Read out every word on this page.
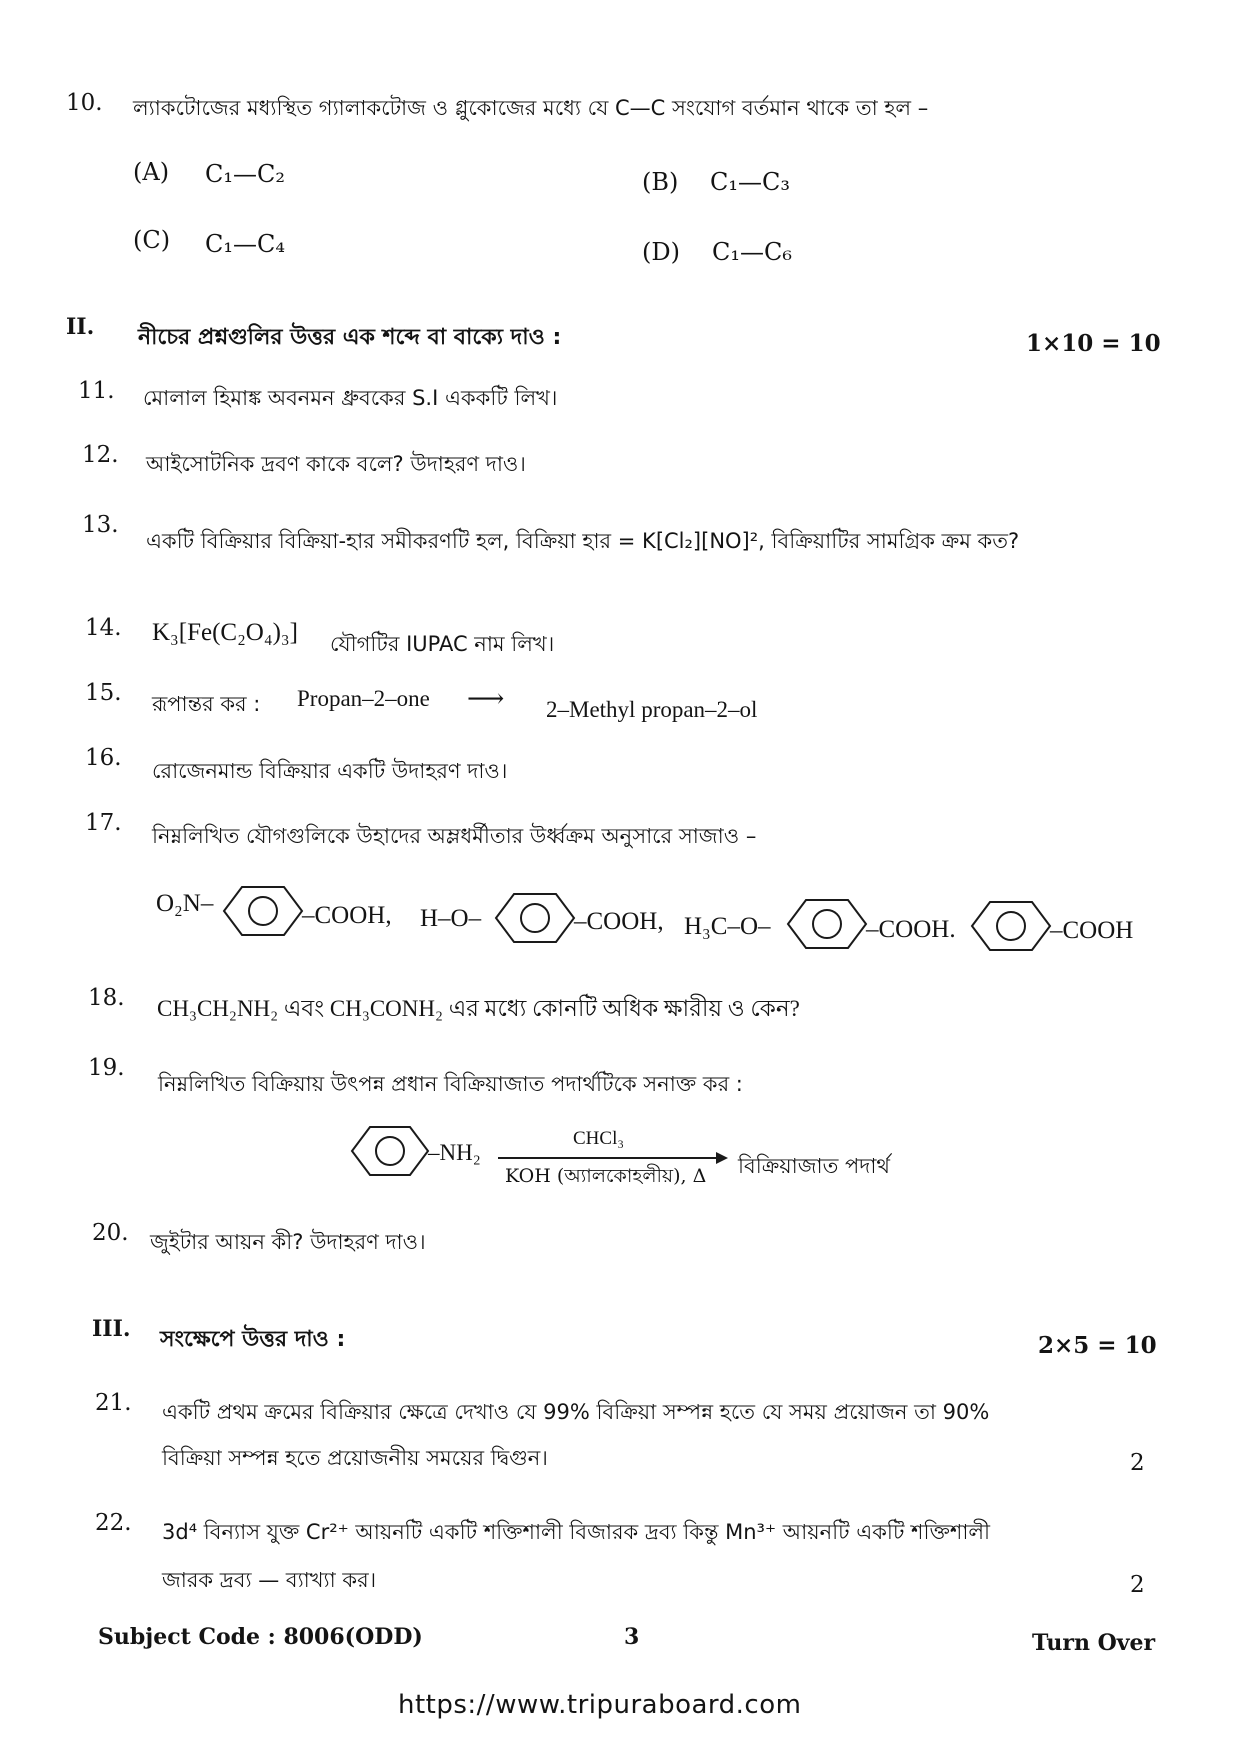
10. ল্যাকটোজের মধ্যস্থিত গ্যালাকটোজ ও গ্লুকোজের মধ্যে যে C—C সংযোগ বর্তমান থাকে তা হল –
(A) C₁—C₂	(B) C₁—C₃
(C) C₁—C₄	(D) C₁—C₆
II. নীচের প্রশ্নগুলির উত্তর এক শব্দে বা বাক্যে দাও :	1×10 = 10
11. মোলাল হিমাঙ্ক অবনমন ধ্রুবকের S.I এককটি লিখ।
12. আইসোটনিক দ্রবণ কাকে বলে? উদাহরণ দাও।
13.
একটি বিক্রিয়ার বিক্রিয়া-হার সমীকরণটি হল, বিক্রিয়া হার = K[Cl₂][NO]², বিক্রিয়াটির সামগ্রিক ক্রম কত?
14. K₃[Fe(C₂O₄)₃] যৌগটির IUPAC নাম লিখ।
15. রূপান্তর কর : Propan–2–one ⟶ 2–Methyl propan–2–ol
16. রোজেনমান্ড বিক্রিয়ার একটি উদাহরণ দাও।
17. নিম্নলিখিত যৌগগুলিকে উহাদের অম্লধর্মীতার উর্ধ্বক্রম অনুসারে সাজাও –
O₂N–	–COOH, H–O–	–COOH, H₃C–O–	–COOH.	–COOH
18. CH₃CH₂NH₂ এবং CH₃CONH₂ এর মধ্যে কোনটি অধিক ক্ষারীয় ও কেন?
19.
নিম্নলিখিত বিক্রিয়ায় উৎপন্ন প্রধান বিক্রিয়াজাত পদার্থটিকে সনাক্ত কর :
–NH₂
CHCl₃
KOH (অ্যালকোহলীয়), Δ বিক্রিয়াজাত পদার্থ
20. জুইটার আয়ন কী? উদাহরণ দাও।
III. সংক্ষেপে উত্তর দাও :	2×5 = 10
21. একটি প্রথম ক্রমের বিক্রিয়ার ক্ষেত্রে দেখাও যে 99% বিক্রিয়া সম্পন্ন হতে যে সময় প্রয়োজন তা 90%
বিক্রিয়া সম্পন্ন হতে প্রয়োজনীয় সময়ের দ্বিগুন।	2
22. 3d⁴ বিন্যাস যুক্ত Cr²⁺ আয়নটি একটি শক্তিশালী বিজারক দ্রব্য কিন্তু Mn³⁺ আয়নটি একটি শক্তিশালী
জারক দ্রব্য — ব্যাখ্যা কর।	2
Subject Code : 8006(ODD)	3	Turn Over
https://www.tripuraboard.com
